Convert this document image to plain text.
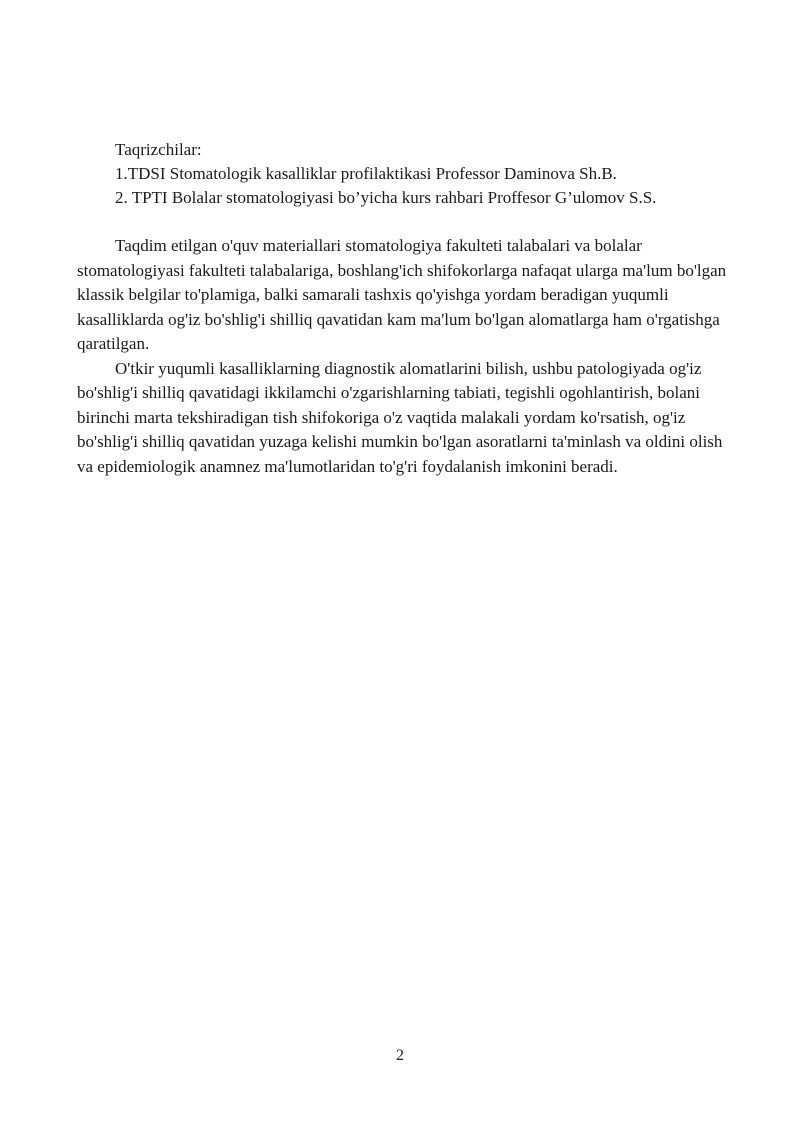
Taqrizchilar:
1.TDSI Stomatologik kasalliklar profilaktikasi Professor Daminova Sh.B.
2. TPTI Bolalar stomatologiyasi bo’yicha kurs rahbari Proffesor G’ulomov S.S.

Taqdim etilgan o'quv materiallari stomatologiya fakulteti talabalari va bolalar stomatologiyasi fakulteti talabalariga, boshlang'ich shifokorlarga nafaqat ularga ma'lum bo'lgan klassik belgilar to'plamiga, balki samarali tashxis qo'yishga yordam beradigan yuqumli kasalliklarda og'iz bo'shlig'i shilliq qavatidan kam ma'lum bo'lgan alomatlarga ham o'rgatishga qaratilgan.

O'tkir yuqumli kasalliklarning diagnostik alomatlarini bilish, ushbu patologiyada og'iz bo'shlig'i shilliq qavatidagi ikkilamchi o'zgarishlarning tabiati, tegishli ogohlantirish, bolani birinchi marta tekshiradigan tish shifokoriga o'z vaqtida malakali yordam ko'rsatish, og'iz bo'shlig'i shilliq qavatidan yuzaga kelishi mumkin bo'lgan asoratlarni ta'minlash va oldini olish va epidemiologik anamnez ma'lumotlaridan to'g'ri foydalanish imkonini beradi.

2
